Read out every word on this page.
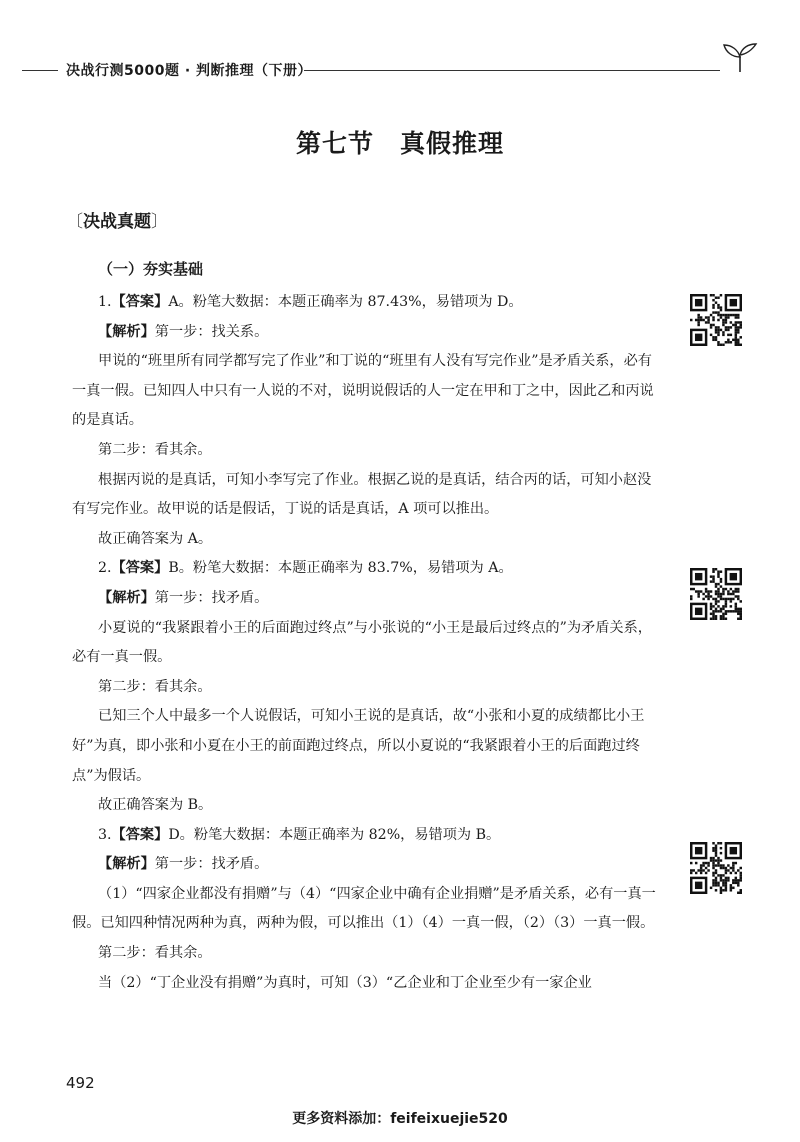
决战行测5000题 · 判断推理（下册）
第七节 真假推理
〔决战真题〕
（一）夯实基础

1.【答案】A。粉笔大数据：本题正确率为 87.43%，易错项为 D。

【解析】第一步：找关系。

甲说的“班里所有同学都写完了作业”和丁说的“班里有人没有写完作业”是矛盾关系，必有一真一假。已知四人中只有一人说的不对，说明说假话的人一定在甲和丁之中，因此乙和丙说的是真话。

第二步：看其余。

根据丙说的是真话，可知小李写完了作业。根据乙说的是真话，结合丙的话，可知小赵没有写完作业。故甲说的话是假话，丁说的话是真话，A 项可以推出。

故正确答案为 A。

2.【答案】B。粉笔大数据：本题正确率为 83.7%，易错项为 A。

【解析】第一步：找矛盾。

小夏说的“我紧跟着小王的后面跑过终点”与小张说的“小王是最后过终点的”为矛盾关系，必有一真一假。

第二步：看其余。

已知三个人中最多一个人说假话，可知小王说的是真话，故“小张和小夏的成绩都比小王好”为真，即小张和小夏在小王的前面跑过终点，所以小夏说的“我紧跟着小王的后面跑过终点”为假话。

故正确答案为 B。

3.【答案】D。粉笔大数据：本题正确率为 82%，易错项为 B。

【解析】第一步：找矛盾。

（1）“四家企业都没有捐赠”与（4）“四家企业中确有企业捐赠”是矛盾关系，必有一真一假。已知四种情况两种为真，两种为假，可以推出（1）（4）一真一假，（2）（3）一真一假。

第二步：看其余。

当（2）“丁企业没有捐赠”为真时，可知（3）“乙企业和丁企业至少有一家企业

492
更多资料添加：feifeixuejie520
